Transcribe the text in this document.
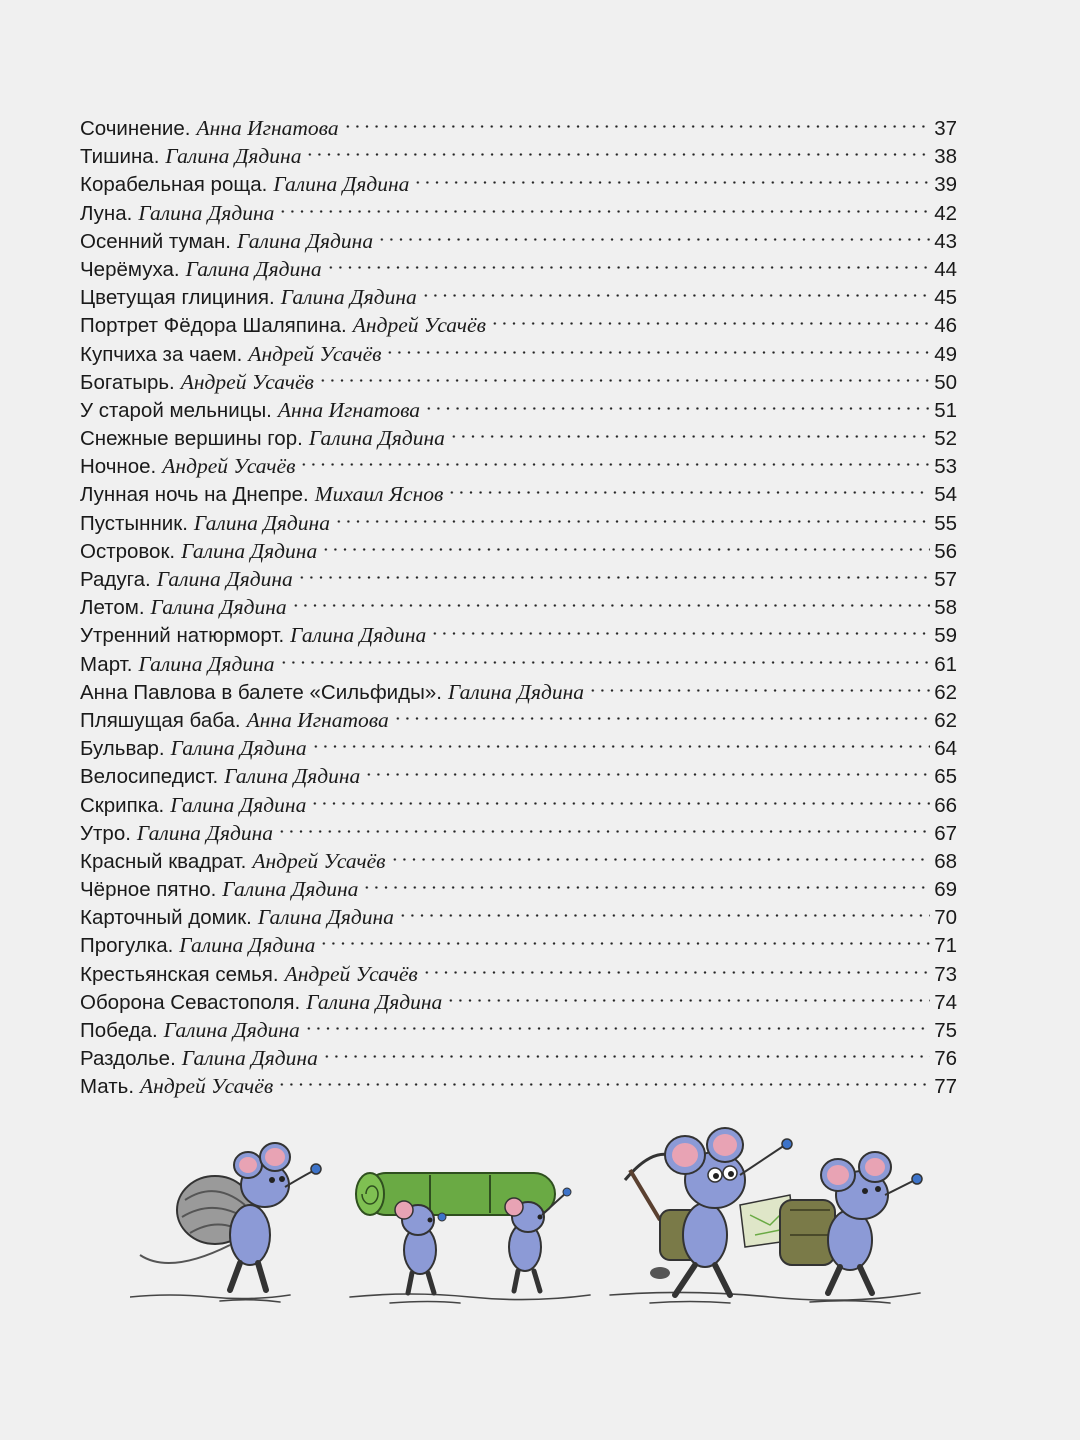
Сочинение. Анна Игнатова	37
Тишина. Галина Дядина	38
Корабельная роща. Галина Дядина	39
Луна. Галина Дядина	42
Осенний туман. Галина Дядина	43
Черёмуха. Галина Дядина	44
Цветущая глициния. Галина Дядина	45
Портрет Фёдора Шаляпина. Андрей Усачёв	46
Купчиха за чаем. Андрей Усачёв	49
Богатырь. Андрей Усачёв	50
У старой мельницы. Анна Игнатова	51
Снежные вершины гор. Галина Дядина	52
Ночное. Андрей Усачёв	53
Лунная ночь на Днепре. Михаил Яснов	54
Пустынник. Галина Дядина	55
Островок. Галина Дядина	56
Радуга. Галина Дядина	57
Летом. Галина Дядина	58
Утренний натюрморт. Галина Дядина	59
Март. Галина Дядина	61
Анна Павлова в балете «Сильфиды». Галина Дядина	62
Пляшущая баба. Анна Игнатова	62
Бульвар. Галина Дядина	64
Велосипедист. Галина Дядина	65
Скрипка. Галина Дядина	66
Утро. Галина Дядина	67
Красный квадрат. Андрей Усачёв	68
Чёрное пятно. Галина Дядина	69
Карточный домик. Галина Дядина	70
Прогулка. Галина Дядина	71
Крестьянская семья. Андрей Усачёв	73
Оборона Севастополя. Галина Дядина	74
Победа. Галина Дядина	75
Раздолье. Галина Дядина	76
Мать. Андрей Усачёв	77
